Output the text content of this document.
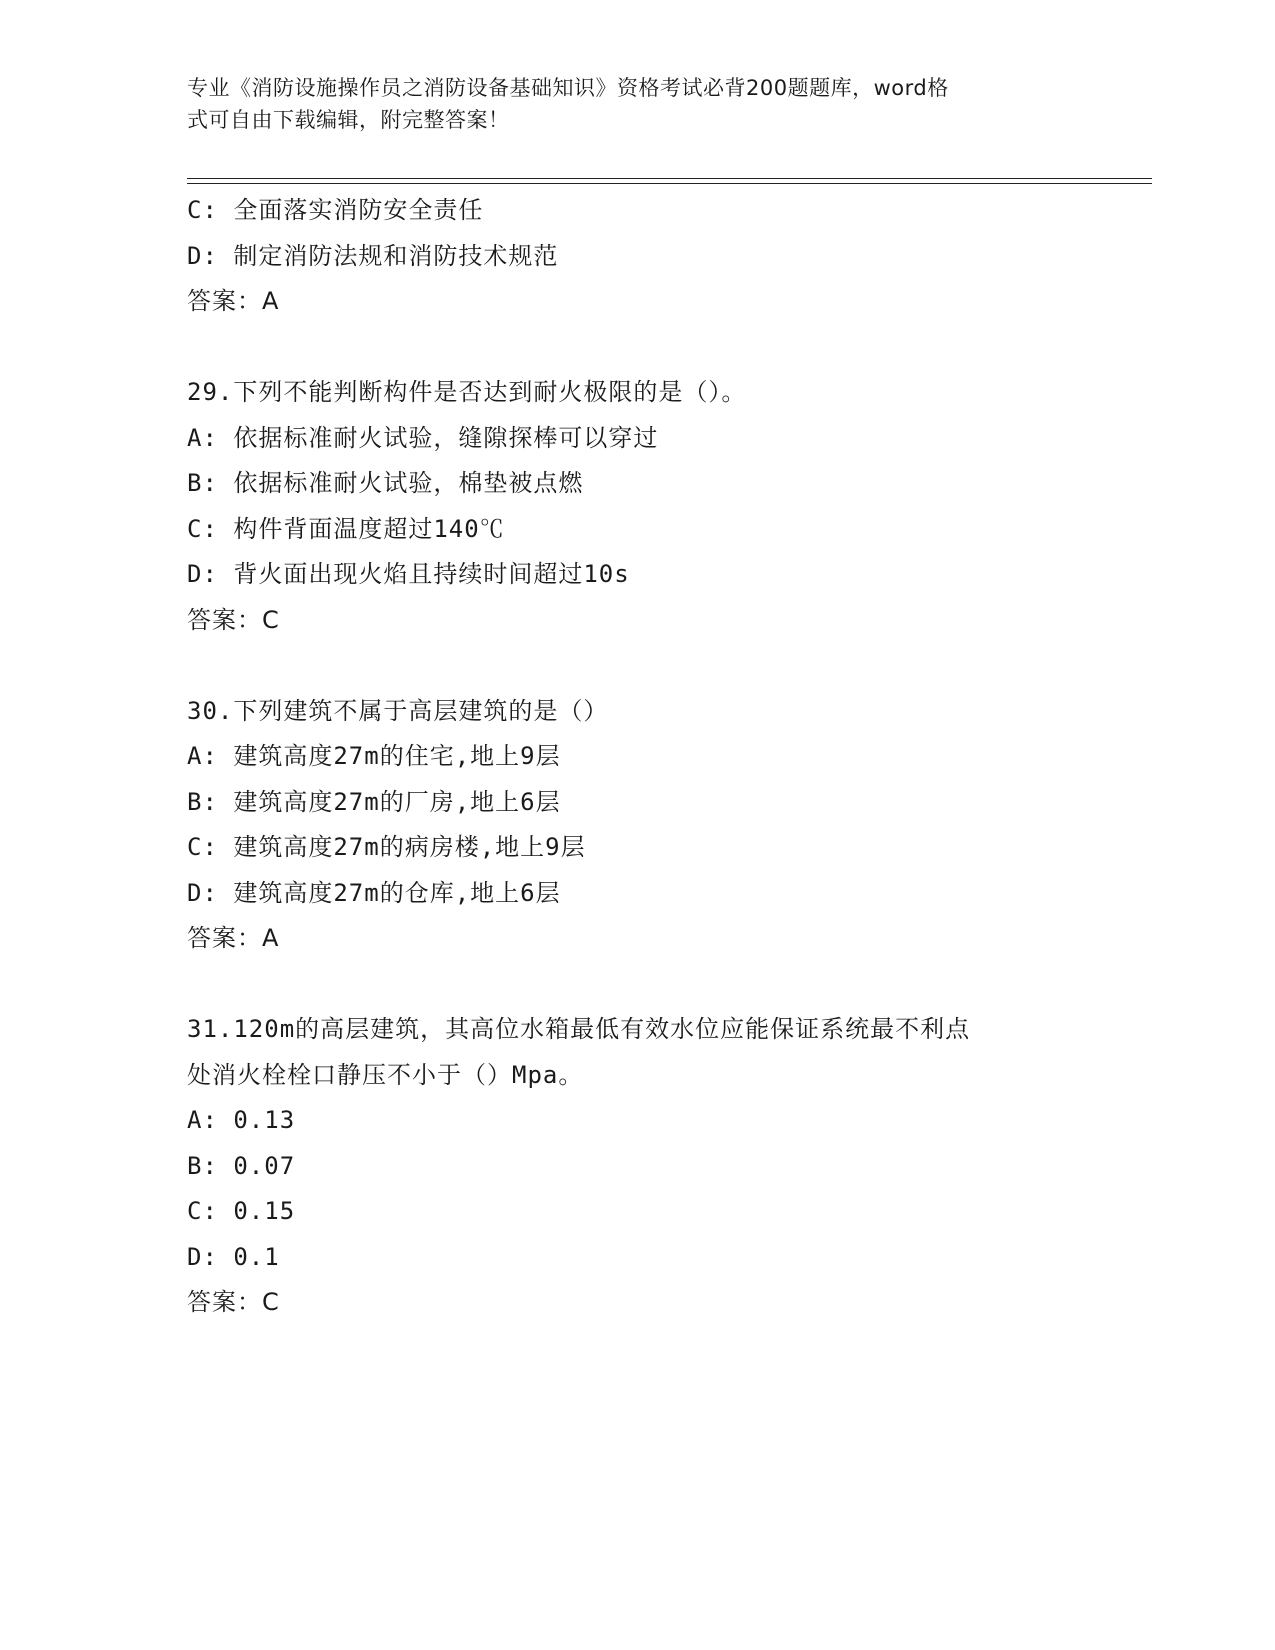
专业《消防设施操作员之消防设备基础知识》资格考试必背200题题库，word格
式可自由下载编辑，附完整答案！
C: 全面落实消防安全责任
D: 制定消防法规和消防技术规范
答案：A
29.下列不能判断构件是否达到耐火极限的是（）。
A: 依据标准耐火试验，缝隙探棒可以穿过
B: 依据标准耐火试验，棉垫被点燃
C: 构件背面温度超过140℃
D: 背火面出现火焰且持续时间超过10s
答案：C
30.下列建筑不属于高层建筑的是（）
A: 建筑高度27m的住宅,地上9层
B: 建筑高度27m的厂房,地上6层
C: 建筑高度27m的病房楼,地上9层
D: 建筑高度27m的仓库,地上6层
答案：A
31.120m的高层建筑，其高位水箱最低有效水位应能保证系统最不利点
处消火栓栓口静压不小于（）Mpa。
A: 0.13
B: 0.07
C: 0.15
D: 0.1
答案：C
